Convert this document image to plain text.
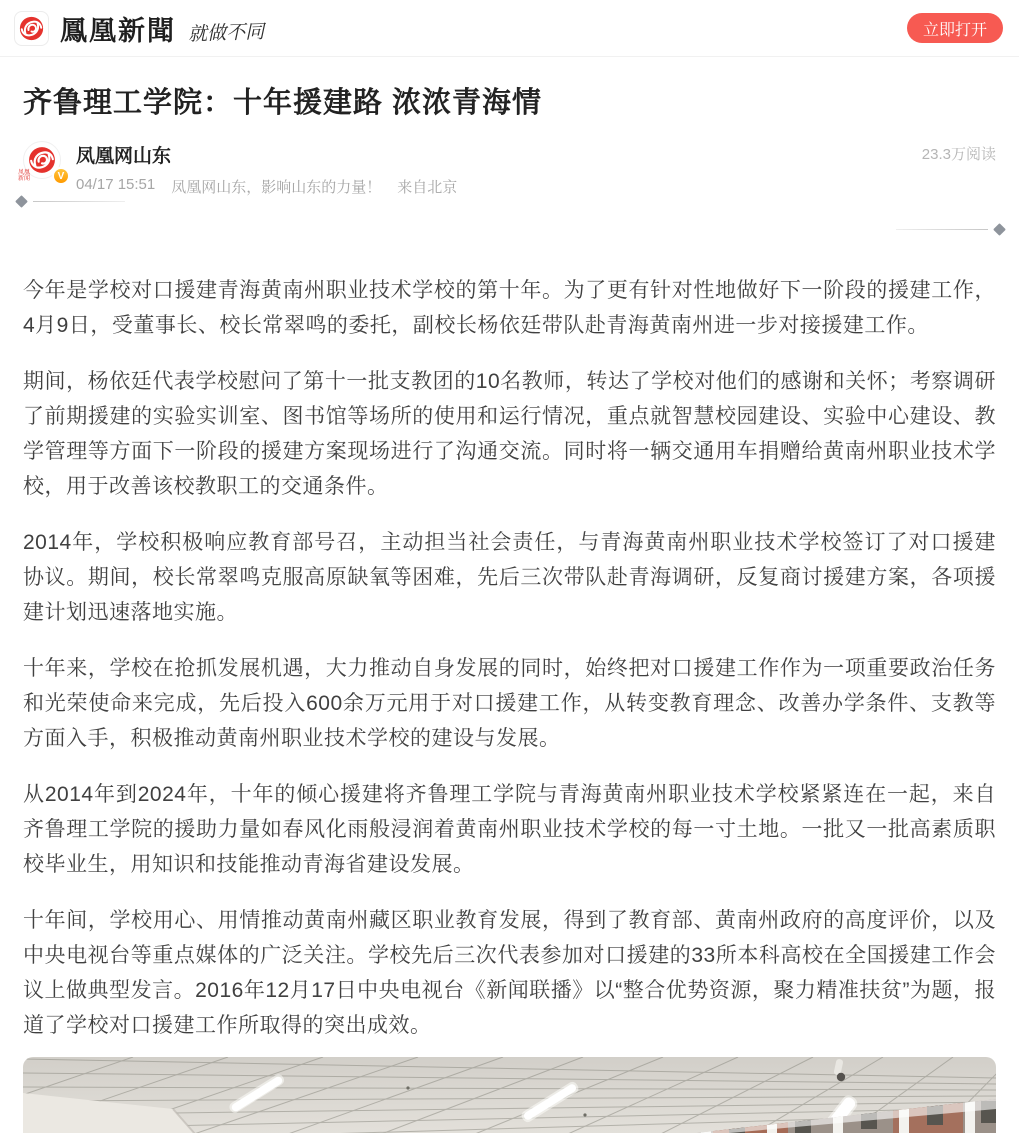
鳳凰新聞 就做不同	立即打开
齐鲁理工学院：十年援建路 浓浓青海情
凤凰新闻	V
凤凰网山东
04/17 15:51 凤凰网山东，影响山东的力量！ 来自北京
23.3万阅读

今年是学校对口援建青海黄南州职业技术学校的第十年。为了更有针对性地做好下一阶段的援建工作，4月9日，受董事长、校长常翠鸣的委托，副校长杨依廷带队赴青海黄南州进一步对接援建工作。

期间，杨依廷代表学校慰问了第十一批支教团的10名教师，转达了学校对他们的感谢和关怀；考察调研了前期援建的实验实训室、图书馆等场所的使用和运行情况，重点就智慧校园建设、实验中心建设、教学管理等方面下一阶段的援建方案现场进行了沟通交流。同时将一辆交通用车捐赠给黄南州职业技术学校，用于改善该校教职工的交通条件。

2014年，学校积极响应教育部号召，主动担当社会责任，与青海黄南州职业技术学校签订了对口援建协议。期间，校长常翠鸣克服高原缺氧等困难，先后三次带队赴青海调研，反复商讨援建方案，各项援建计划迅速落地实施。

十年来，学校在抢抓发展机遇，大力推动自身发展的同时，始终把对口援建工作作为一项重要政治任务和光荣使命来完成，先后投入600余万元用于对口援建工作，从转变教育理念、改善办学条件、支教等方面入手，积极推动黄南州职业技术学校的建设与发展。

从2014年到2024年，十年的倾心援建将齐鲁理工学院与青海黄南州职业技术学校紧紧连在一起，来自齐鲁理工学院的援助力量如春风化雨般浸润着黄南州职业技术学校的每一寸土地。一批又一批高素质职校毕业生，用知识和技能推动青海省建设发展。

十年间，学校用心、用情推动黄南州藏区职业教育发展，得到了教育部、黄南州政府的高度评价，以及中央电视台等重点媒体的广泛关注。学校先后三次代表参加对口援建的33所本科高校在全国援建工作会议上做典型发言。2016年12月17日中央电视台《新闻联播》以“整合优势资源，聚力精准扶贫”为题，报道了学校对口援建工作所取得的突出成效。
